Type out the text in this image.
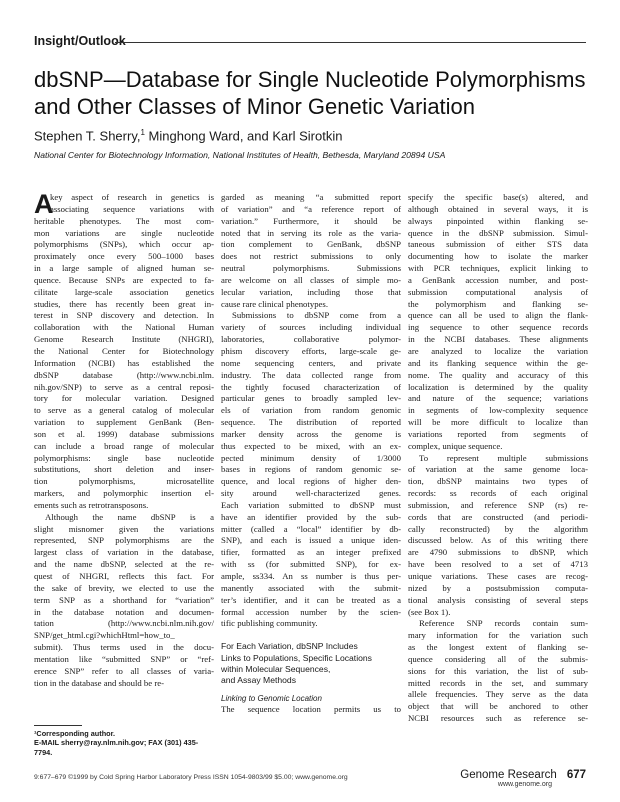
Insight/Outlook
dbSNP—Database for Single Nucleotide Polymorphisms
and Other Classes of Minor Genetic Variation
Stephen T. Sherry,$^1$ Minghong Ward, and Karl Sirotkin
National Center for Biotechnology Information, National Institutes of Health, Bethesda, Maryland 20894 USA
A

key aspect of research in genetics is
associating sequence variations with
heritable phenotypes. The most com-
mon variations are single nucleotide
polymorphisms (SNPs), which occur ap-
proximately once every 500–1000 bases
in a large sample of aligned human se-
quence. Because SNPs are expected to fa-
cilitate large-scale association genetics
studies, there has recently been great in-
terest in SNP discovery and detection. In
collaboration with the National Human
Genome Research Institute (NHGRI),
the National Center for Biotechnology
Information (NCBI) has established the
dbSNP database (http://www.ncbi.nlm.
nih.gov/SNP) to serve as a central reposi-
tory for molecular variation. Designed
to serve as a general catalog of molecular
variation to supplement GenBank (Ben-
son et al. 1999) database submissions
can include a broad range of molecular
polymorphisms: single base nucleotide
substitutions, short deletion and inser-
tion polymorphisms, microsatellite
markers, and polymorphic insertion el-
ements such as retrotransposons.

Although the name dbSNP is a
slight misnomer given the variations
represented, SNP polymorphisms are the
largest class of variation in the database,
and the name dbSNP, selected at the re-
quest of NHGRI, reflects this fact. For
the sake of brevity, we elected to use the
term SNP as a shorthand for “variation”
in the database notation and documen-
tation (http://www.ncbi.nlm.nih.gov/
SNP/get_html.cgi?whichHtml=how_to_
submit). Thus terms used in the docu-
mentation like “submitted SNP” or “ref-
erence SNP” refer to all classes of varia-
tion in the database and should be re-

garded as meaning “a submitted report
of variation” and “a reference report of
variation.” Furthermore, it should be
noted that in serving its role as the varia-
tion complement to GenBank, dbSNP
does not restrict submissions to only
neutral polymorphisms. Submissions
are welcome on all classes of simple mo-
lecular variation, including those that
cause rare clinical phenotypes.

Submissions to dbSNP come from a
variety of sources including individual
laboratories, collaborative polymor-
phism discovery efforts, large-scale ge-
nome sequencing centers, and private
industry. The data collected range from
the tightly focused characterization of
particular genes to broadly sampled lev-
els of variation from random genomic
sequence. The distribution of reported
marker density across the genome is
thus expected to be mixed, with an ex-
pected minimum density of 1/3000
bases in regions of random genomic se-
quence, and local regions of higher den-
sity around well-characterized genes.
Each variation submitted to dbSNP must
have an identifier provided by the sub-
mitter (called a “local” identifier by db-
SNP), and each is issued a unique iden-
tifier, formatted as an integer prefixed
with ss (for submitted SNP), for ex-
ample, ss334. An ss number is thus per-
manently associated with the submit-
ter’s identifier, and it can be treated as a
formal accession number by the scien-
tific publishing community.

For Each Variation, dbSNP Includes
Links to Populations, Specific Locations
within Molecular Sequences,
and Assay Methods
Linking to Genomic Location

The sequence location permits us to

specify the specific base(s) altered, and
although obtained in several ways, it is
always pinpointed within flanking se-
quence in the dbSNP submission. Simul-
taneous submission of either STS data
documenting how to isolate the marker
with PCR techniques, explicit linking to
a GenBank accession number, and post-
submission computational analysis of
the polymorphism and flanking se-
quence can all be used to align the flank-
ing sequence to other sequence records
in the NCBI databases. These alignments
are analyzed to localize the variation
and its flanking sequence within the ge-
nome. The quality and accuracy of this
localization is determined by the quality
and nature of the sequence; variations
in segments of low-complexity sequence
will be more difficult to localize than
variations reported from segments of
complex, unique sequence.

To represent multiple submissions
of variation at the same genome loca-
tion, dbSNP maintains two types of
records: ss records of each original
submission, and reference SNP (rs) re-
cords that are constructed (and periodi-
cally reconstructed) by the algorithm
discussed below. As of this writing there
are 4790 submissions to dbSNP, which
have been resolved to a set of 4713
unique variations. These cases are recog-
nized by a postsubmission computa-
tional analysis consisting of several steps
(see Box 1).

Reference SNP records contain sum-
mary information for the variation such
as the longest extent of flanking se-
quence considering all of the submis-
sions for this variation, the list of sub-
mitted records in the set, and summary
allele frequencies. They serve as the data
object that will be anchored to other
NCBI resources such as reference se-

¹Corresponding author.
E-MAIL sherry@ray.nlm.nih.gov; FAX (301) 435-
7794.
9:677–679 ©1999 by Cold Spring Harbor Laboratory Press ISSN 1054-9803/99 $5.00; www.genome.org	Genome Research 677
www.genome.org
